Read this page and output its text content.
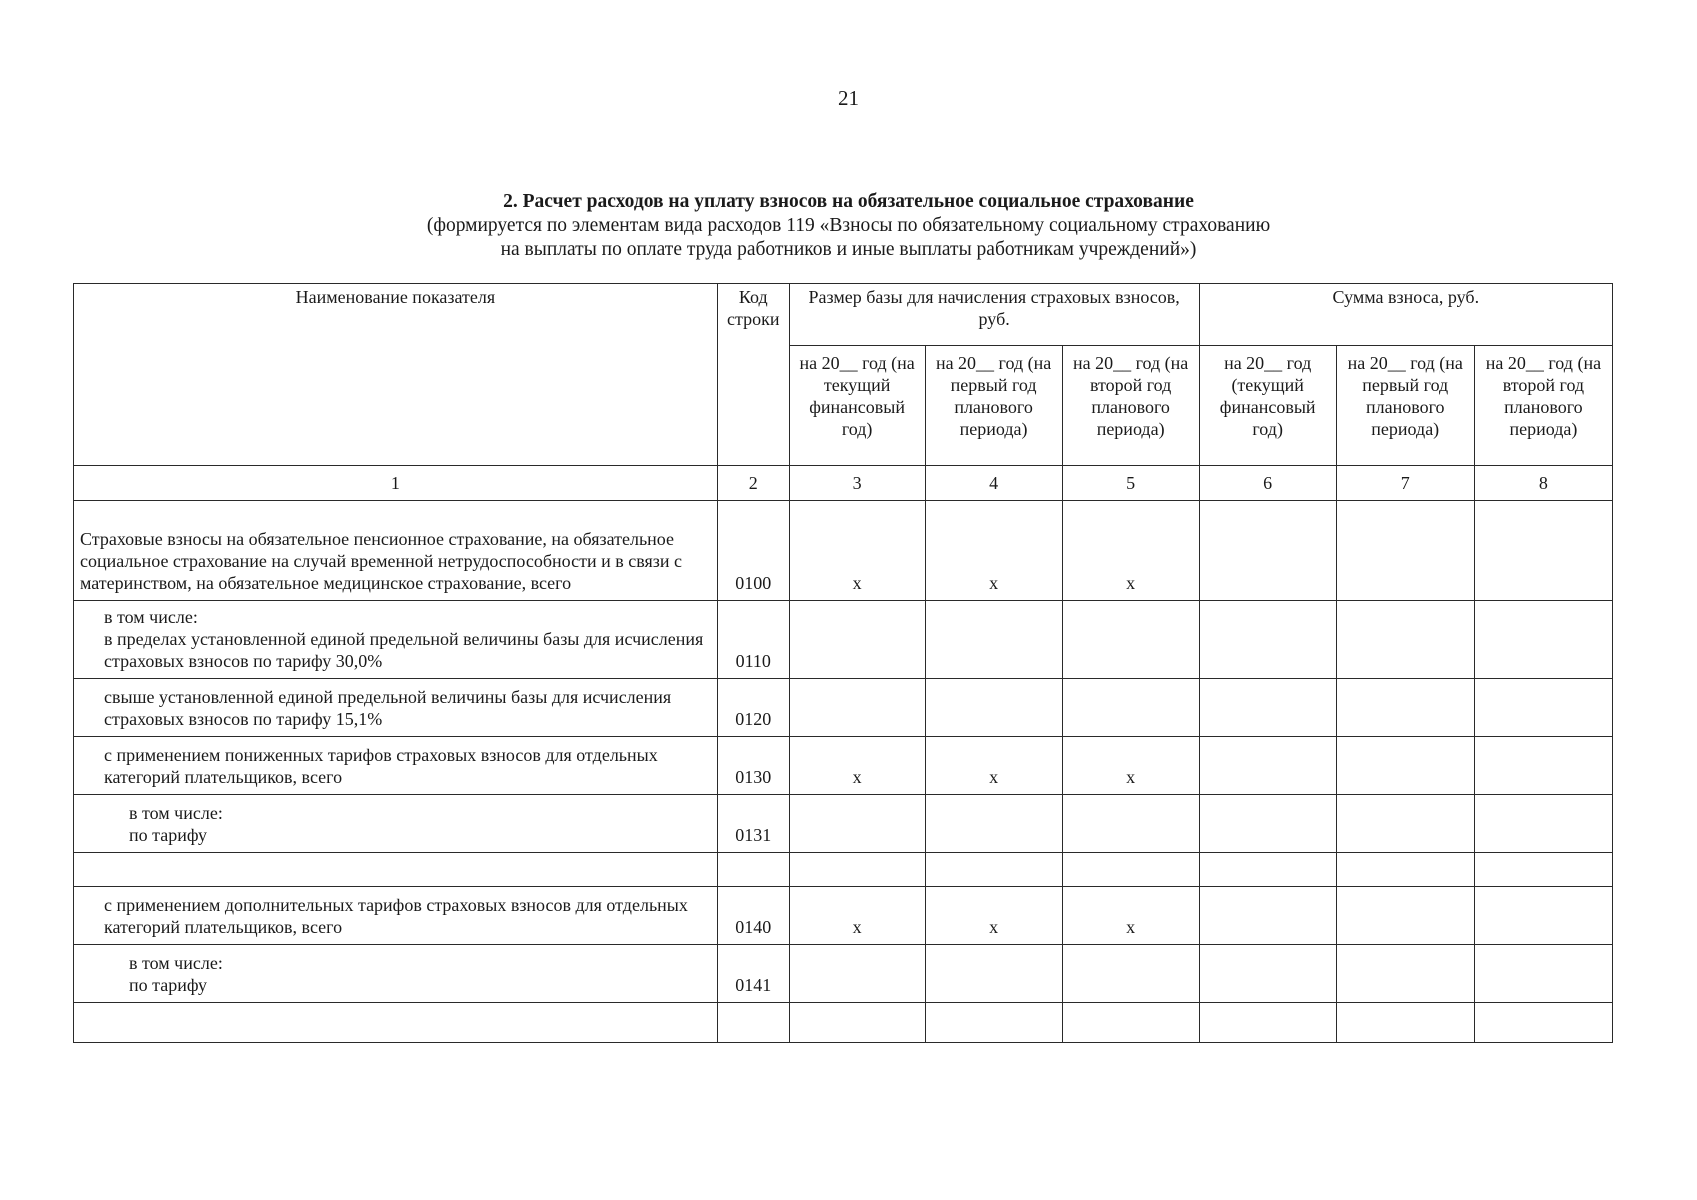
21
2. Расчет расходов на уплату взносов на обязательное социальное страхование
(формируется по элементам вида расходов 119 «Взносы по обязательному социальному страхованию
на выплаты по оплате труда работников и иные выплаты работникам учреждений»)
Наименование показателя	Код строки	Размер базы для начисления страховых взносов, руб.			Сумма взноса, руб.		
		на 20__ год (на текущий финансовый год)	на 20__ год (на первый год планового периода)	на 20__ год (на второй год планового периода)	на 20__ год (текущий финансовый год)	на 20__ год (на первый год планового периода)	на 20__ год (на второй год планового периода)
1	2	3	4	5	6	7	8
Страховые взносы на обязательное пенсионное страхование, на обязательное социальное страхование на случай временной нетрудоспособности и в связи с материнством, на обязательное медицинское страхование, всего	0100	х	х	х			

в том числе:
в пределах установленной единой предельной величины базы для исчисления страховых взносов по тарифу 30,0%	0110						
свыше установленной единой предельной величины базы для исчисления страховых взносов по тарифу 15,1%	0120						
с применением пониженных тарифов страховых взносов для отдельных категорий плательщиков, всего	0130	х	х	х			

в том числе:
по тарифу	0131						

с применением дополнительных тарифов страховых взносов для отдельных категорий плательщиков, всего	0140	х	х	х			

в том числе:
по тарифу	0141						
